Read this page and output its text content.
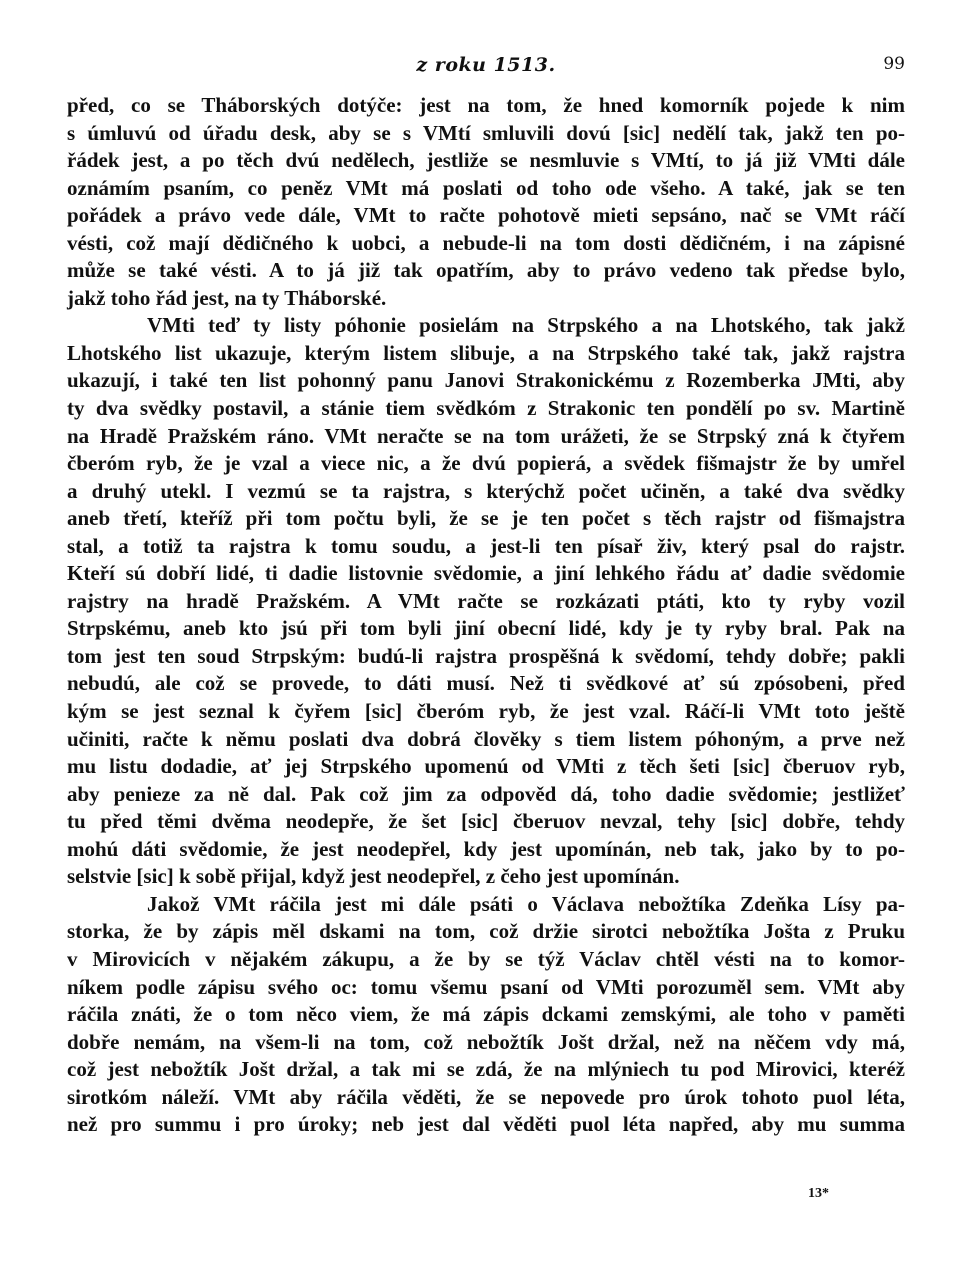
z roku 1513.	99
před, co se Tháborských dotýče: jest na tom, že hned komorník pojede k nim
s úmluvú od úřadu desk, aby se s VMtí smluvili dovú [sic] nedělí tak, jakž ten po-
řádek jest, a po těch dvú nedělech, jestliže se nesmluvie s VMtí, to já již VMti dále
oznámím psaním, co peněz VMt má poslati od toho ode všeho. A také, jak se ten
pořádek a právo vede dále, VMt to račte pohotově mieti sepsáno, nač se VMt ráčí
vésti, což mají dědičného k uobci, a nebude-li na tom dosti dědičném, i na zápisné
může se také vésti. A to já již tak opatřím, aby to právo vedeno tak předse bylo,
jakž toho řád jest, na ty Tháborské.
VMti teď ty listy póhonie posielám na Strpského a na Lhotského, tak jakž
Lhotského list ukazuje, kterým listem slibuje, a na Strpského také tak, jakž rajstra
ukazují, i také ten list pohonný panu Janovi Strakonickému z Rozemberka JMti, aby
ty dva svědky postavil, a stánie tiem svědkóm z Strakonic ten pondělí po sv. Martině
na Hradě Pražském ráno. VMt neračte se na tom urážeti, že se Strpský zná k čtyřem
čberóm ryb, že je vzal a viece nic, a že dvú popierá, a svědek fišmajstr že by umřel
a druhý utekl. I vezmú se ta rajstra, s kterýchž počet učiněn, a také dva svědky
aneb třetí, kteříž při tom počtu byli, že se je ten počet s těch rajstr od fišmajstra
stal, a totiž ta rajstra k tomu soudu, a jest-li ten písař živ, který psal do rajstr.
Kteří sú dobří lidé, ti dadie listovnie svědomie, a jiní lehkého řádu ať dadie svědomie
rajstry na hradě Pražském. A VMt račte se rozkázati ptáti, kto ty ryby vozil
Strpskému, aneb kto jsú při tom byli jiní obecní lidé, kdy je ty ryby bral. Pak na
tom jest ten soud Strpským: budú-li rajstra prospěšná k svědomí, tehdy dobře; pakli
nebudú, ale což se provede, to dáti musí. Než ti svědkové ať sú zpósobeni, před
kým se jest seznal k čyřem [sic] čberóm ryb, že jest vzal. Ráčí-li VMt toto ještě
učiniti, račte k němu poslati dva dobrá člověky s tiem listem póhoným, a prve než
mu listu dodadie, ať jej Strpského upomenú od VMti z těch šeti [sic] čberuov ryb,
aby penieze za ně dal. Pak což jim za odpověd dá, toho dadie svědomie; jestližeť
tu před těmi dvěma neodepře, že šet [sic] čberuov nevzal, tehy [sic] dobře, tehdy
mohú dáti svědomie, že jest neodepřel, kdy jest upomínán, neb tak, jako by to po-
selstvie [sic] k sobě přijal, když jest neodepřel, z čeho jest upomínán.
Jakož VMt ráčila jest mi dále psáti o Václava nebožtíka Zdeňka Lísy pa-
storka, že by zápis měl dskami na tom, což držie sirotci nebožtíka Jošta z Pruku
v Mirovicích v nějakém zákupu, a že by se týž Václav chtěl vésti na to komor-
níkem podle zápisu svého oc: tomu všemu psaní od VMti porozuměl sem. VMt aby
ráčila znáti, že o tom něco viem, že má zápis dckami zemskými, ale toho v paměti
dobře nemám, na všem-li na tom, což nebožtík Jošt držal, než na něčem vdy má,
což jest nebožtík Jošt držal, a tak mi se zdá, že na mlýniech tu pod Mirovici, kteréž
sirotkóm náleží. VMt aby ráčila věděti, že se nepovede pro úrok tohoto puol léta,
než pro summu i pro úroky; neb jest dal věděti puol léta napřed, aby mu summa
13*
